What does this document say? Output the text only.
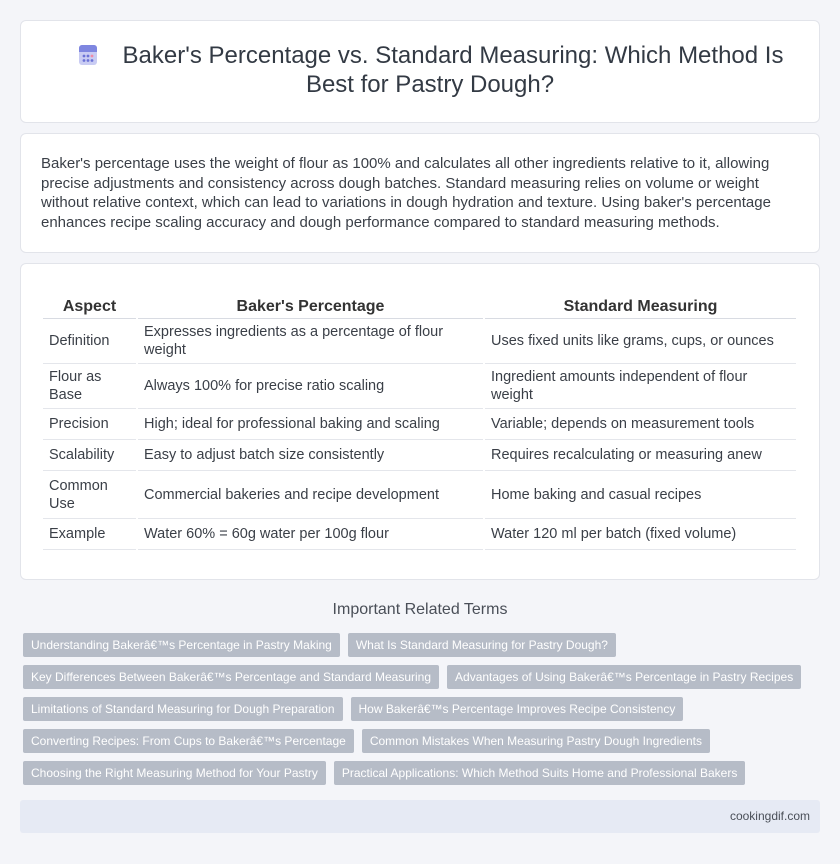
Baker's Percentage vs. Standard Measuring: Which Method Is Best for Pastry Dough?

Baker's percentage uses the weight of flour as 100% and calculates all other ingredients relative to it, allowing precise adjustments and consistency across dough batches. Standard measuring relies on volume or weight without relative context, which can lead to variations in dough hydration and texture. Using baker's percentage enhances recipe scaling accuracy and dough performance compared to standard measuring methods.

Aspect	Baker's Percentage	Standard Measuring
Definition	Expresses ingredients as a percentage of flour weight	Uses fixed units like grams, cups, or ounces
Flour as Base	Always 100% for precise ratio scaling	Ingredient amounts independent of flour weight
Precision	High; ideal for professional baking and scaling	Variable; depends on measurement tools
Scalability	Easy to adjust batch size consistently	Requires recalculating or measuring anew
Common Use	Commercial bakeries and recipe development	Home baking and casual recipes
Example	Water 60% = 60g water per 100g flour	Water 120 ml per batch (fixed volume)
Important Related Terms
Understanding Bakerâ€™s Percentage in Pastry Making	What Is Standard Measuring for Pastry Dough?
Key Differences Between Bakerâ€™s Percentage and Standard Measuring	Advantages of Using Bakerâ€™s Percentage in Pastry Recipes
Limitations of Standard Measuring for Dough Preparation	How Bakerâ€™s Percentage Improves Recipe Consistency
Converting Recipes: From Cups to Bakerâ€™s Percentage	Common Mistakes When Measuring Pastry Dough Ingredients
Choosing the Right Measuring Method for Your Pastry	Practical Applications: Which Method Suits Home and Professional Bakers
cookingdif.com
